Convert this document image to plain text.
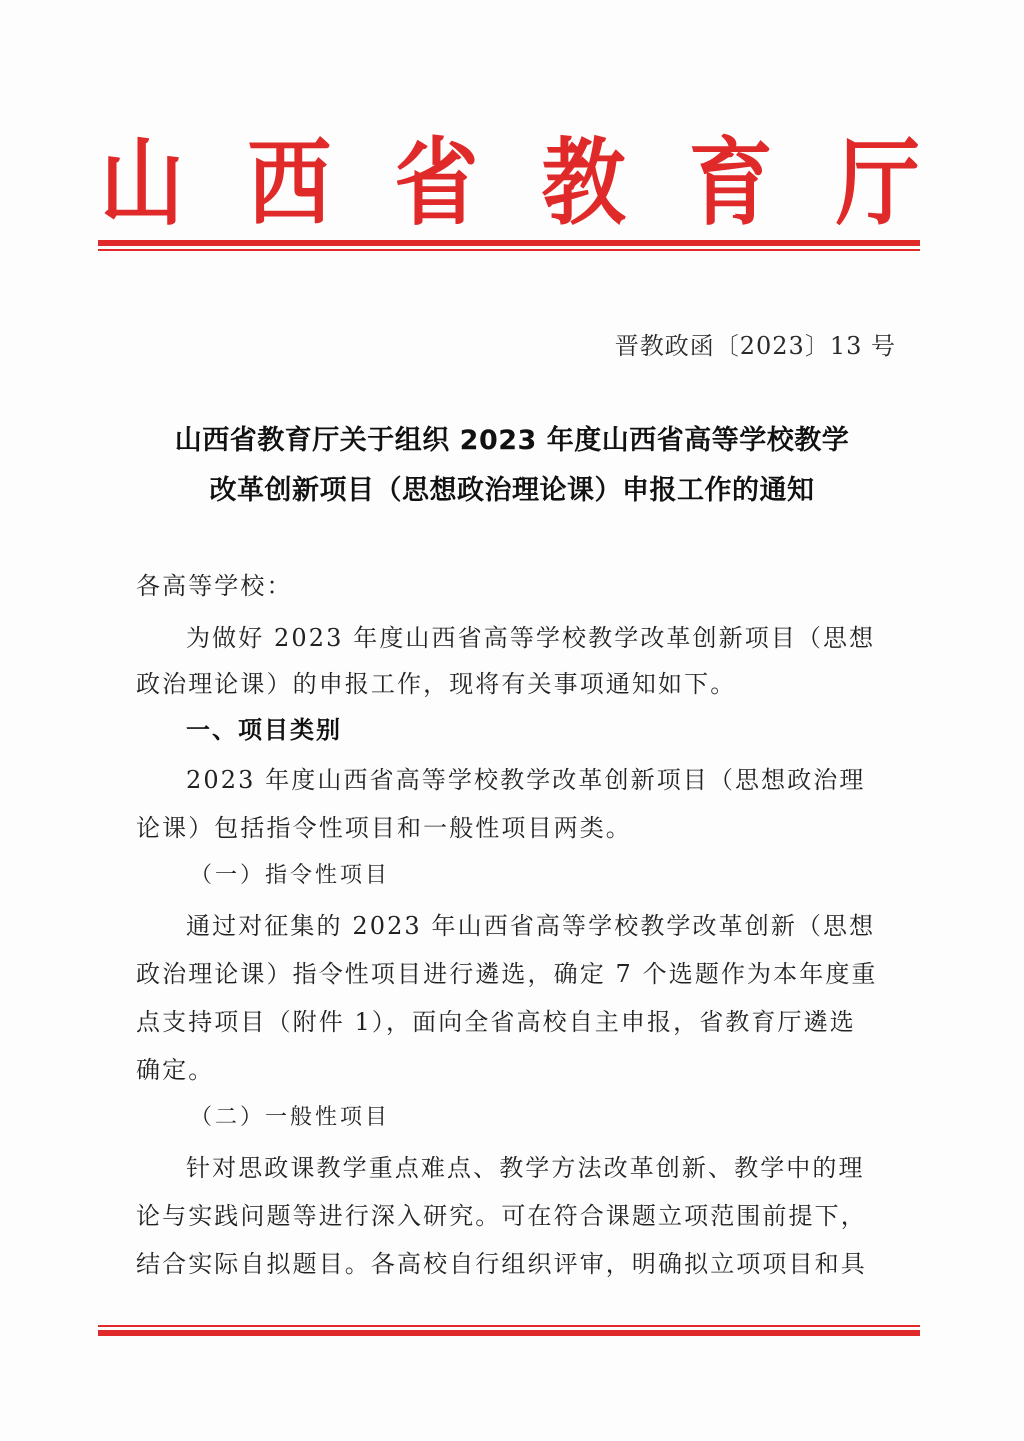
山 西 省 教 育 厅
晋教政函〔2023〕13 号
山西省教育厅关于组织 2023 年度山西省高等学校教学
改革创新项目（思想政治理论课）申报工作的通知
各高等学校：
为做好 2023 年度山西省高等学校教学改革创新项目（思想
政治理论课）的申报工作，现将有关事项通知如下。
一、项目类别
2023 年度山西省高等学校教学改革创新项目（思想政治理
论课）包括指令性项目和一般性项目两类。
（一）指令性项目
通过对征集的 2023 年山西省高等学校教学改革创新（思想
政治理论课）指令性项目进行遴选，确定 7 个选题作为本年度重
点支持项目（附件 1），面向全省高校自主申报，省教育厅遴选
确定。
（二）一般性项目
针对思政课教学重点难点、教学方法改革创新、教学中的理
论与实践问题等进行深入研究。可在符合课题立项范围前提下，
结合实际自拟题目。各高校自行组织评审，明确拟立项项目和具
